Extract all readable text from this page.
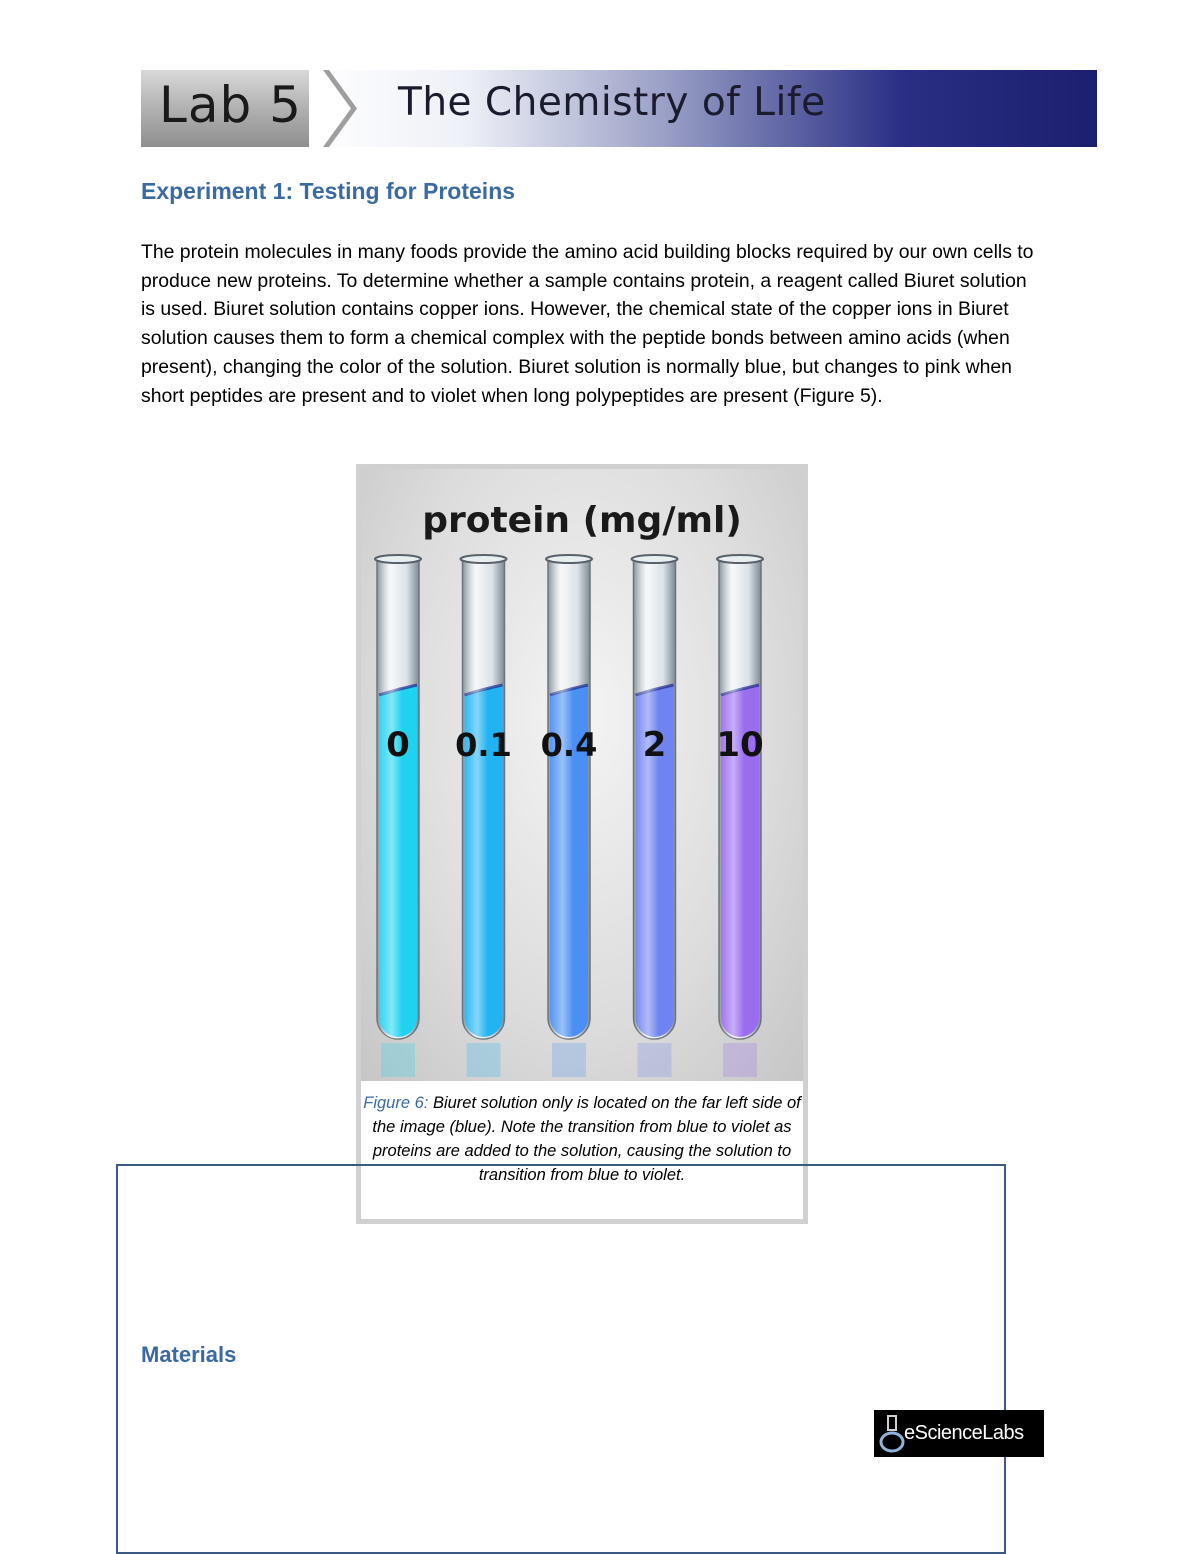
Lab 5 The Chemistry of Life
Experiment 1: Testing for Proteins
The protein molecules in many foods provide the amino acid building blocks required by our own cells to produce new proteins. To determine whether a sample contains protein, a reagent called Biuret solution is used. Biuret solution contains copper ions. However, the chemical state of the copper ions in Biuret solution causes them to form a chemical complex with the peptide bonds between amino acids (when present), changing the color of the solution. Biuret solution is normally blue, but changes to pink when short peptides are present and to violet when long polypeptides are present (Figure 5).
protein (mg/ml)
0 0.1 0.4 2 10
Figure 6: Biuret solution only is located on the far left side of the image (blue). Note the transition from blue to violet as proteins are added to the solution, causing the solution to transition from blue to violet.
Materials
eScienceLabs
